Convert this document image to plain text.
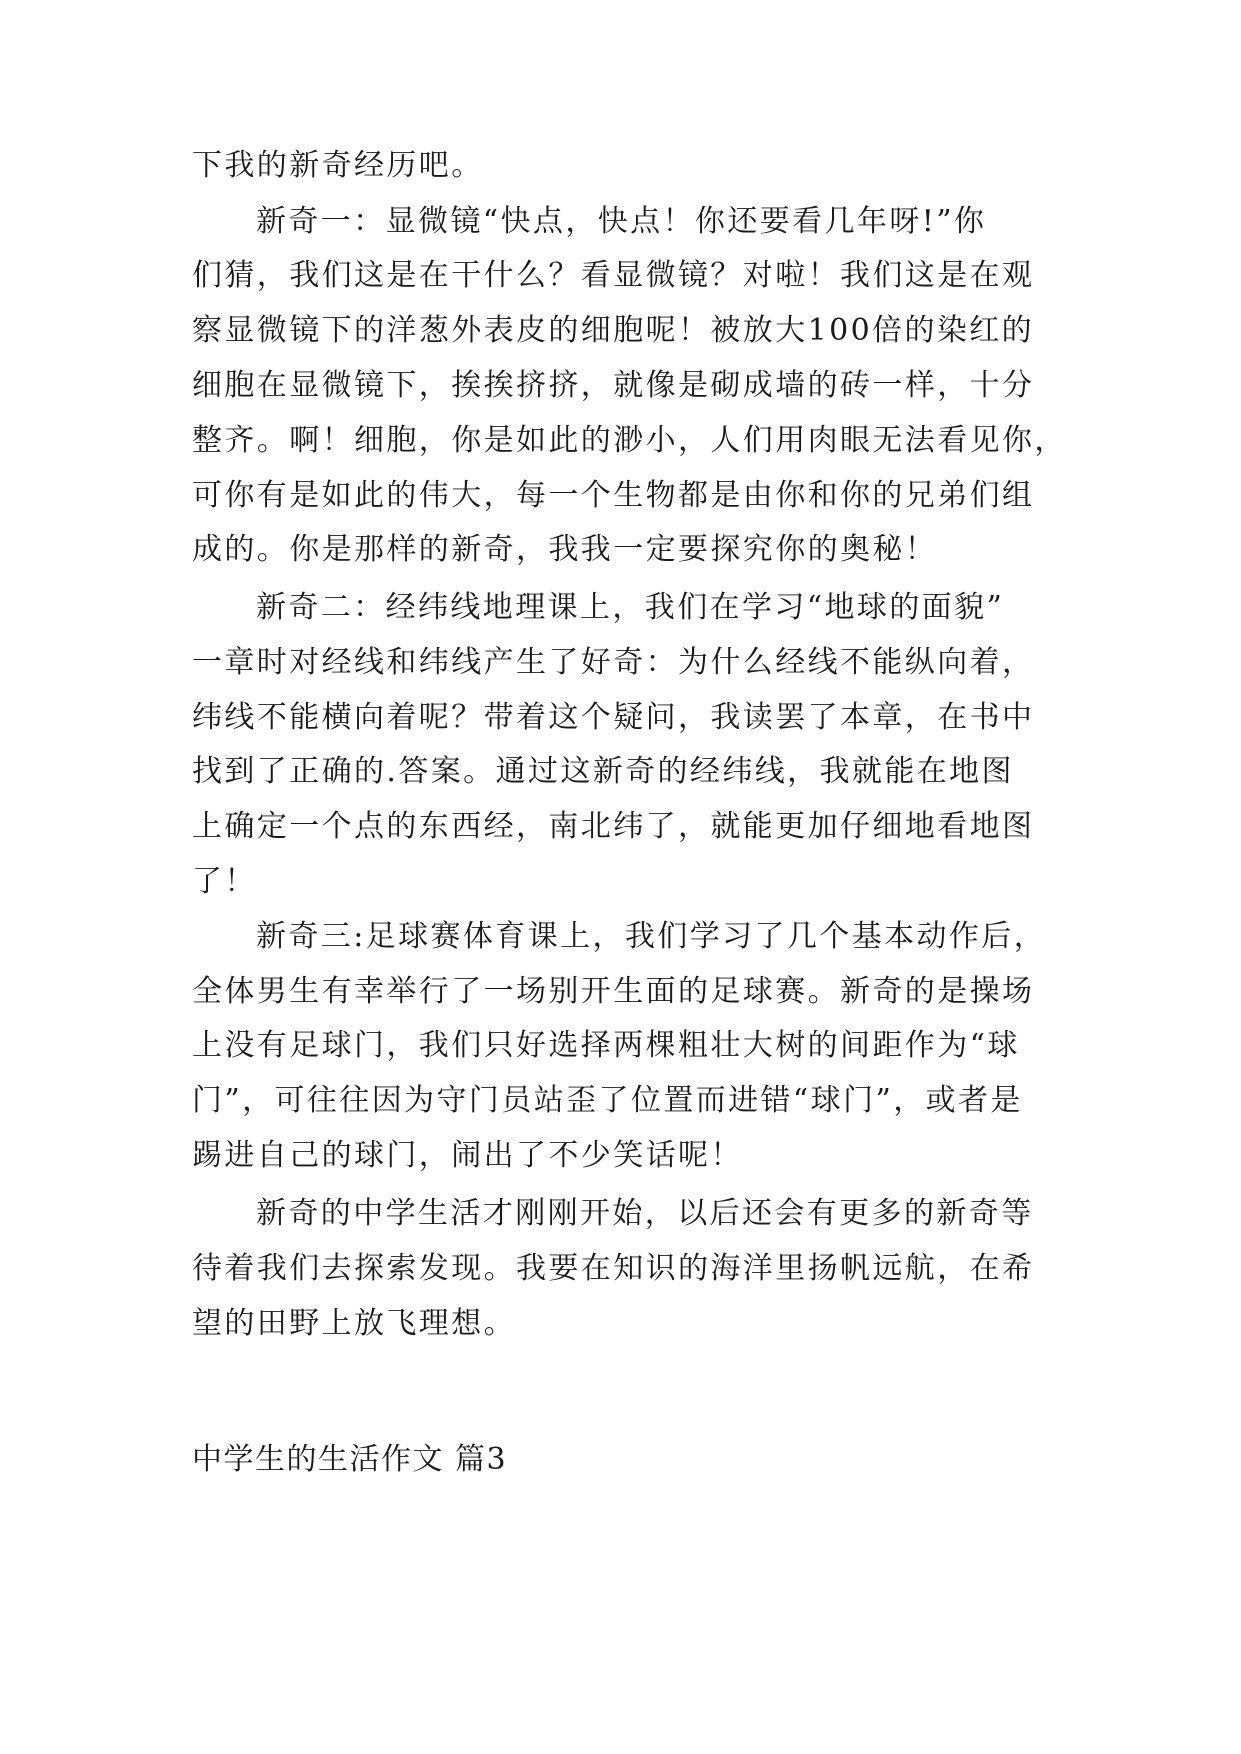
下我的新奇经历吧。
新奇一：显微镜“快点，快点！你还要看几年呀!”你
们猜，我们这是在干什么？看显微镜？对啦！我们这是在观
察显微镜下的洋葱外表皮的细胞呢！被放大100倍的染红的
细胞在显微镜下，挨挨挤挤，就像是砌成墙的砖一样，十分
整齐。啊！细胞，你是如此的渺小，人们用肉眼无法看见你，
可你有是如此的伟大，每一个生物都是由你和你的兄弟们组
成的。你是那样的新奇，我我一定要探究你的奥秘！
新奇二：经纬线地理课上，我们在学习“地球的面貌”
一章时对经线和纬线产生了好奇：为什么经线不能纵向着，
纬线不能横向着呢？带着这个疑问，我读罢了本章，在书中
找到了正确的.答案。通过这新奇的经纬线，我就能在地图
上确定一个点的东西经，南北纬了，就能更加仔细地看地图
了！
新奇三:足球赛体育课上，我们学习了几个基本动作后，
全体男生有幸举行了一场别开生面的足球赛。新奇的是操场
上没有足球门，我们只好选择两棵粗壮大树的间距作为“球
门”，可往往因为守门员站歪了位置而进错“球门”，或者是
踢进自己的球门，闹出了不少笑话呢！
新奇的中学生活才刚刚开始，以后还会有更多的新奇等
待着我们去探索发现。我要在知识的海洋里扬帆远航，在希
望的田野上放飞理想。
中学生的生活作文 篇3
